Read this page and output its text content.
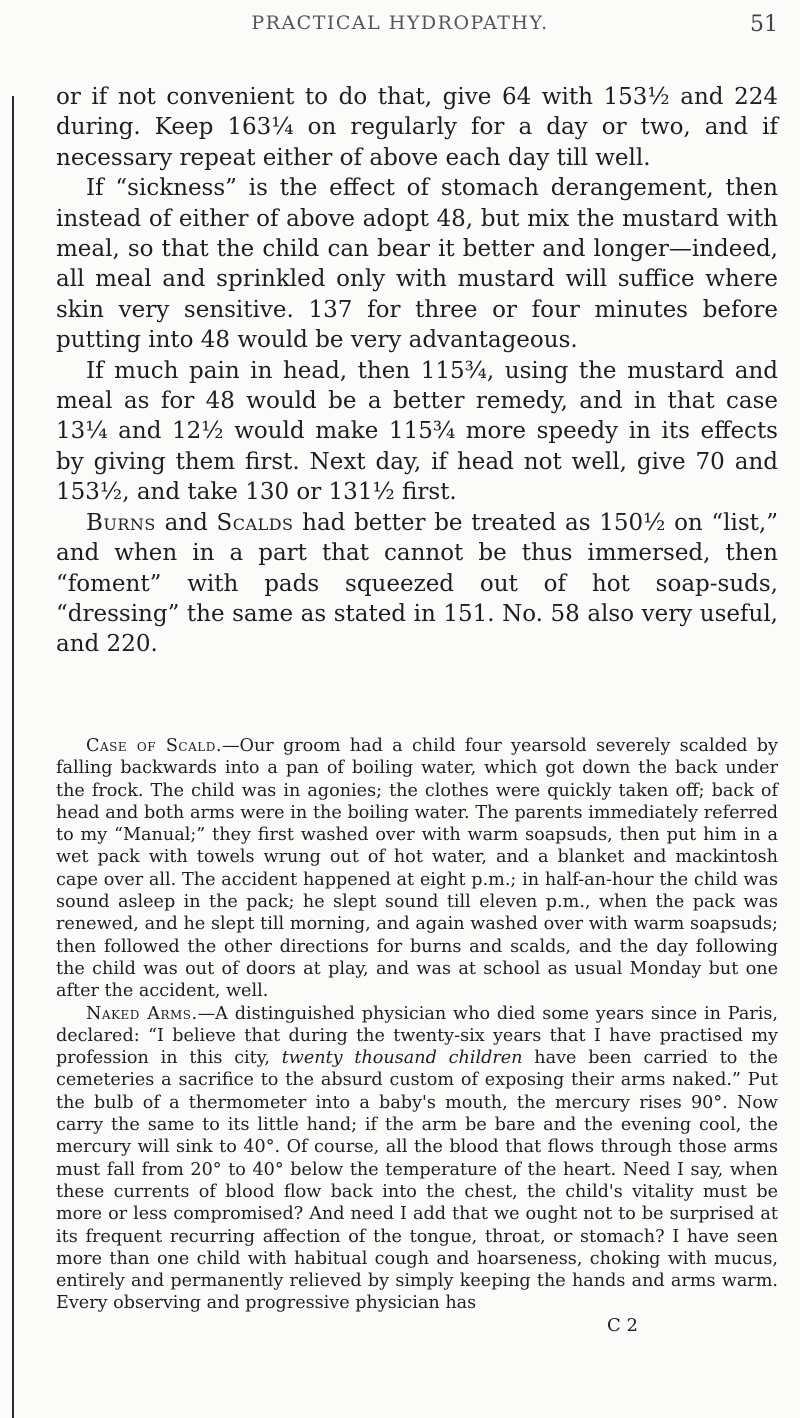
PRACTICAL HYDROPATHY.	51

or if not convenient to do that, give 64 with 153½ and 224 during. Keep 163¼ on regularly for a day or two, and if necessary repeat either of above each day till well.

If “sickness” is the effect of stomach derangement, then instead of either of above adopt 48, but mix the mustard with meal, so that the child can bear it better and longer—indeed, all meal and sprinkled only with mustard will suffice where skin very sensitive. 137 for three or four minutes before putting into 48 would be very advantageous.

If much pain in head, then 115¾, using the mustard and meal as for 48 would be a better remedy, and in that case 13¼ and 12½ would make 115¾ more speedy in its effects by giving them first. Next day, if head not well, give 70 and 153½, and take 130 or 131½ first.

Burns and Scalds had better be treated as 150½ on “list,” and when in a part that cannot be thus immersed, then “foment” with pads squeezed out of hot soap-suds, “dressing” the same as stated in 151. No. 58 also very useful, and 220.

Case of Scald.—Our groom had a child four yearsold severely scalded by falling backwards into a pan of boiling water, which got down the back under the frock. The child was in agonies; the clothes were quickly taken off; back of head and both arms were in the boiling water. The parents immediately referred to my “Manual;” they first washed over with warm soapsuds, then put him in a wet pack with towels wrung out of hot water, and a blanket and mackintosh cape over all. The accident happened at eight p.m.; in half-an-hour the child was sound asleep in the pack; he slept sound till eleven p.m., when the pack was renewed, and he slept till morning, and again washed over with warm soapsuds; then followed the other directions for burns and scalds, and the day following the child was out of doors at play, and was at school as usual Monday but one after the accident, well.

Naked Arms.—A distinguished physician who died some years since in Paris, declared: “I believe that during the twenty-six years that I have practised my profession in this city, twenty thousand children have been carried to the cemeteries a sacrifice to the absurd custom of exposing their arms naked.” Put the bulb of a thermometer into a baby's mouth, the mercury rises 90°. Now carry the same to its little hand; if the arm be bare and the evening cool, the mercury will sink to 40°. Of course, all the blood that flows through those arms must fall from 20° to 40° below the temperature of the heart. Need I say, when these currents of blood flow back into the chest, the child's vitality must be more or less compromised? And need I add that we ought not to be surprised at its frequent recurring affection of the tongue, throat, or stomach? I have seen more than one child with habitual cough and hoarseness, choking with mucus, entirely and permanently relieved by simply keeping the hands and arms warm. Every observing and progressive physician has

C 2
